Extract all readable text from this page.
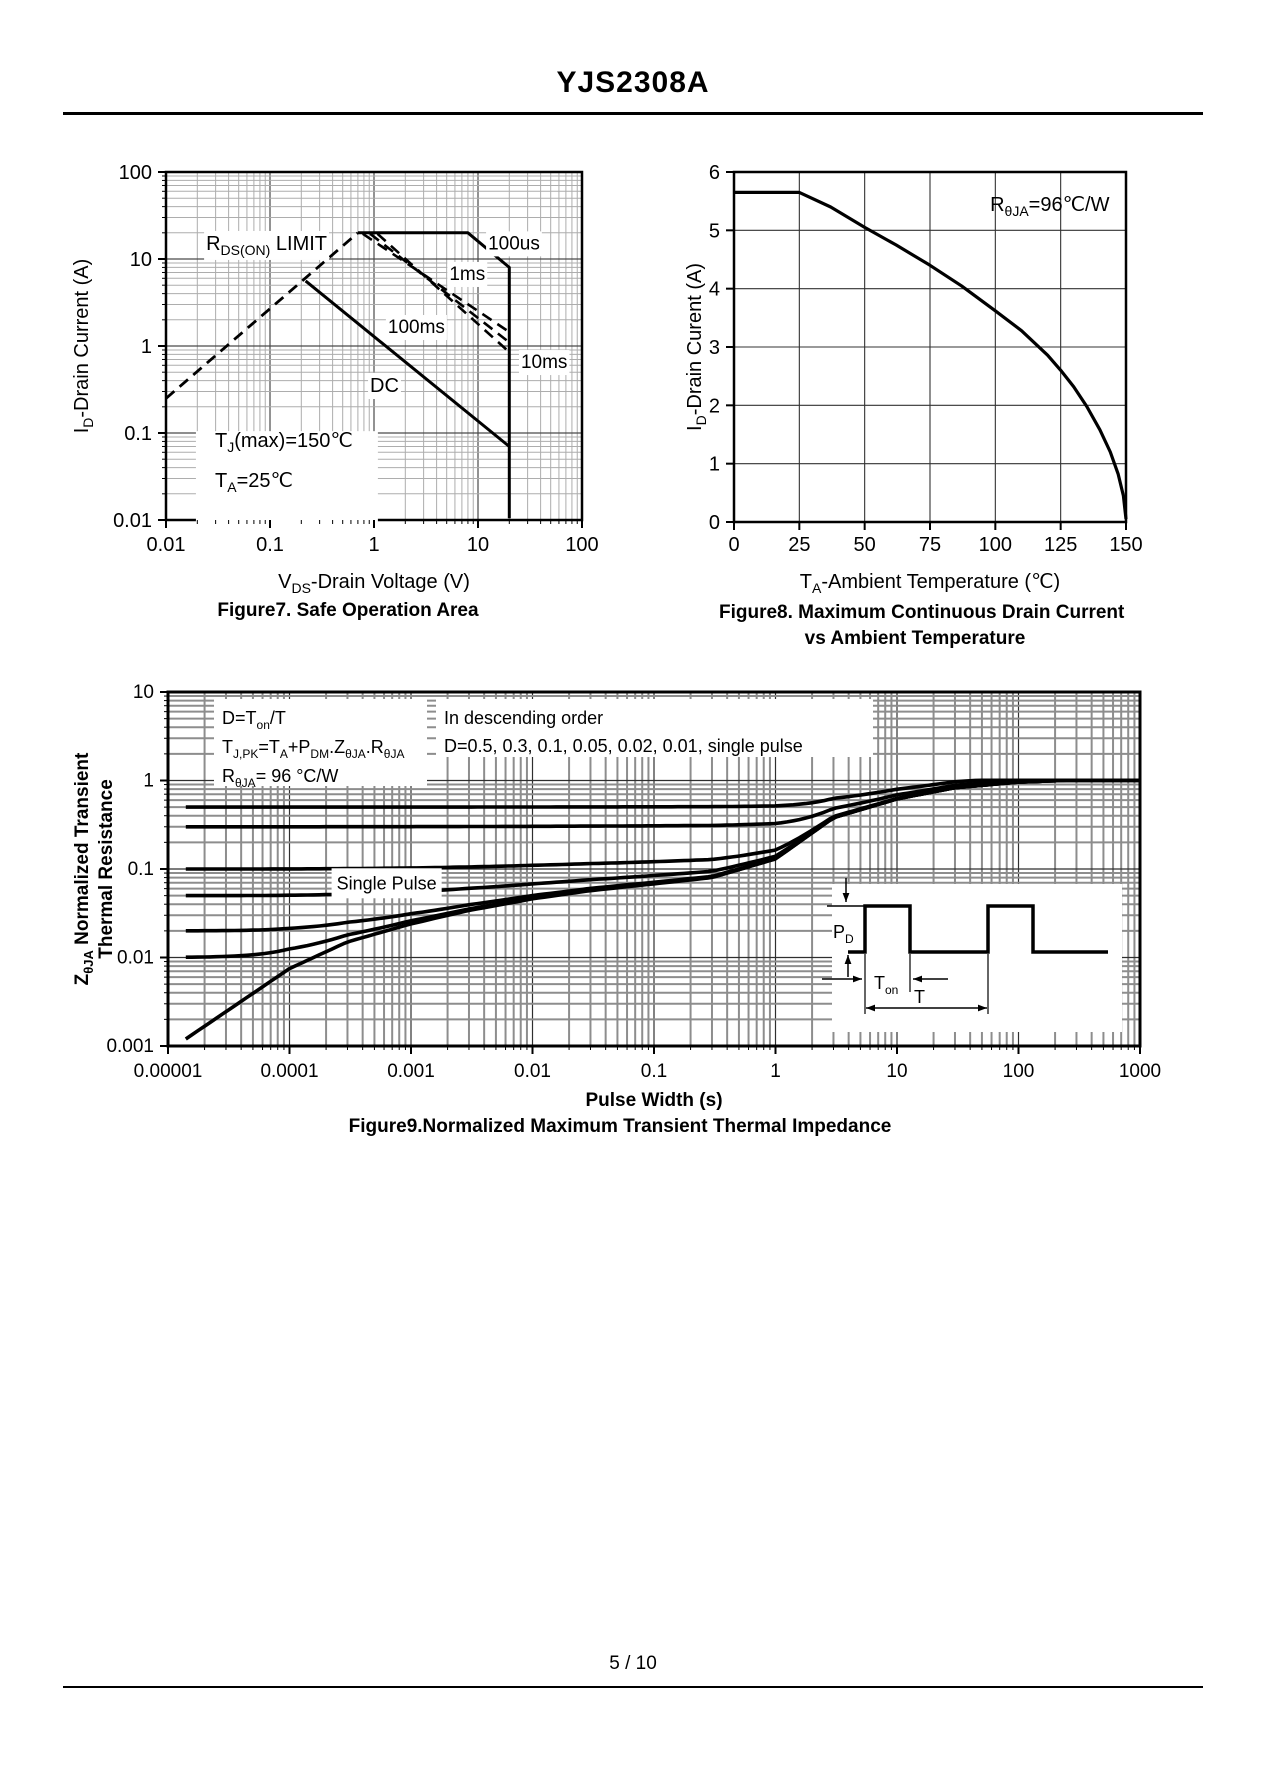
YJS2308A
$R_{DS(ON)}$ LIMIT	100us
1ms
100ms
10ms
DC
$T_J(\max)=150℃$
$T_A=25℃$
0.01	0.1	1	10	100
100
10
1
0.1
0.01
$V_{DS}$-Drain Voltage (V)
$I_D$-Drain Current (A)
$R_{\theta JA}=96℃/W$
0 25 50 75 100 125 150
0
1
2
3
4
5
6
$T_A$-Ambient Temperature (℃)
$I_D$-Drain Curent (A)
$D=T_{on}/T$
$T_{J,PK}=T_A+P_{DM}.Z_{\theta JA}.R_{\theta JA}$
$R_{\theta JA}= 96$ °C/W
In descending order
D=0.5, 0.3, 0.1, 0.05, 0.02, 0.01, single pulse
Single Pulse
$P_D$
$T_{on}$ T
0.00001	0.0001	0.001	0.01	0.1	1	10	100	1000
10
1
0.1
0.01
0.001
Pulse Width (s)
$Z_{\theta JA}$ Normalized Transient Thermal Resistance
Figure7. Safe Operation Area	Figure8. Maximum Continuous Drain Current
vs Ambient Temperature
Figure9.Normalized Maximum Transient Thermal Impedance
5 / 10
